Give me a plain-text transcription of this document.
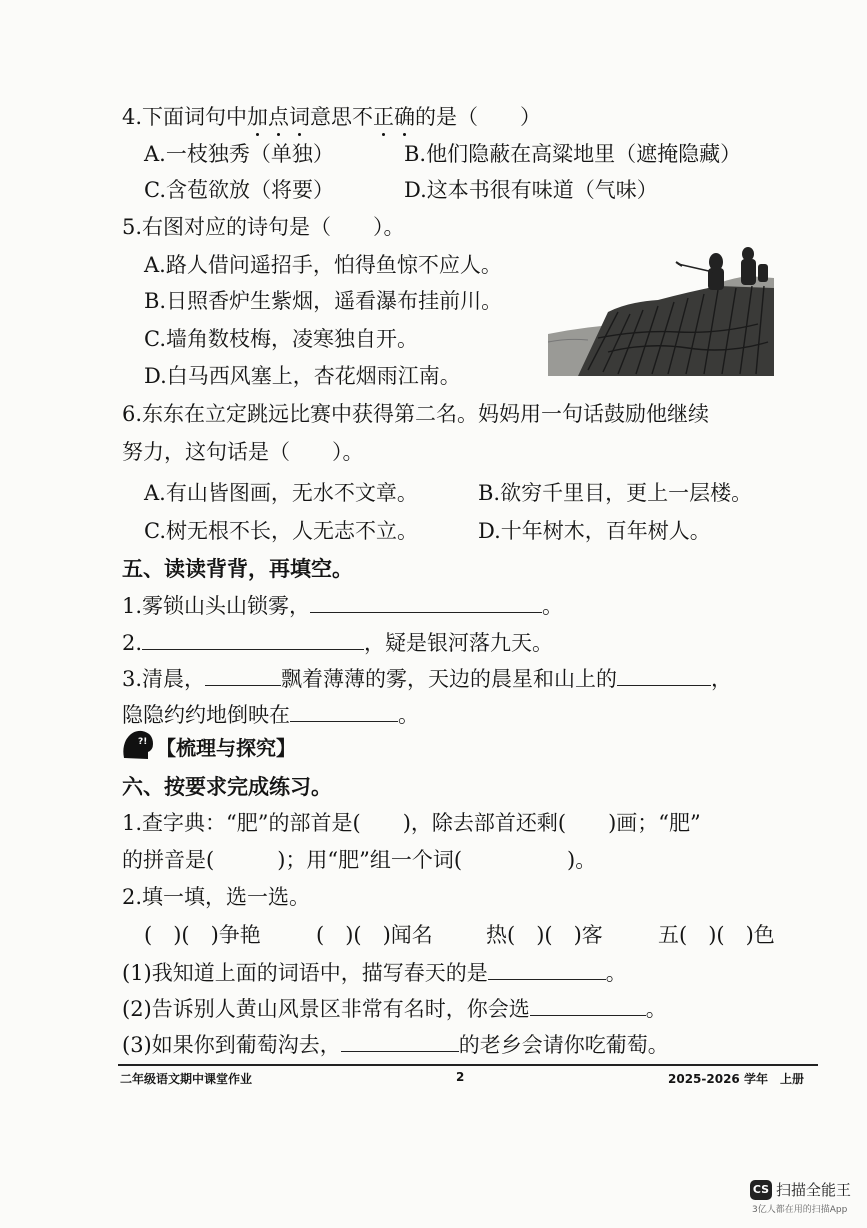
4.下面词句中加点词意思不正确的是（　　）
A.一枝独秀（单独）	B.他们隐蔽在高粱地里（遮掩隐藏）
C.含苞欲放（将要）	D.这本书很有味道（气味）
5.右图对应的诗句是（　　）。
A.路人借问遥招手，怕得鱼惊不应人。
B.日照香炉生紫烟，遥看瀑布挂前川。
C.墙角数枝梅，凌寒独自开。
D.白马西风塞上，杏花烟雨江南。
6.东东在立定跳远比赛中获得第二名。妈妈用一句话鼓励他继续
努力，这句话是（　　）。
A.有山皆图画，无水不文章。	B.欲穷千里目，更上一层楼。
C.树无根不长，人无志不立。	D.十年树木，百年树人。
五、读读背背，再填空。
1.雾锁山头山锁雾，	。
2.	，疑是银河落九天。
3.清晨，	飘着薄薄的雾，天边的晨星和山上的	，
隐隐约约地倒映在	。
?! 【梳理与探究】
六、按要求完成练习。
1.查字典：“肥”的部首是(　　)，除去部首还剩(　　)画；“肥”
的拼音是(　　　)；用“肥”组一个词(　　　　　)。
2.填一填，选一选。
(　)(　)争艳	(　)(　)闻名	热(　)(　)客	五(　)(　)色
(1)我知道上面的词语中，描写春天的是	。
(2)告诉别人黄山风景区非常有名时，你会选	。
(3)如果你到葡萄沟去，	的老乡会请你吃葡萄。
二年级语文期中课堂作业	2	2025-2026 学年　上册
CS 扫描全能王
3亿人都在用的扫描App
